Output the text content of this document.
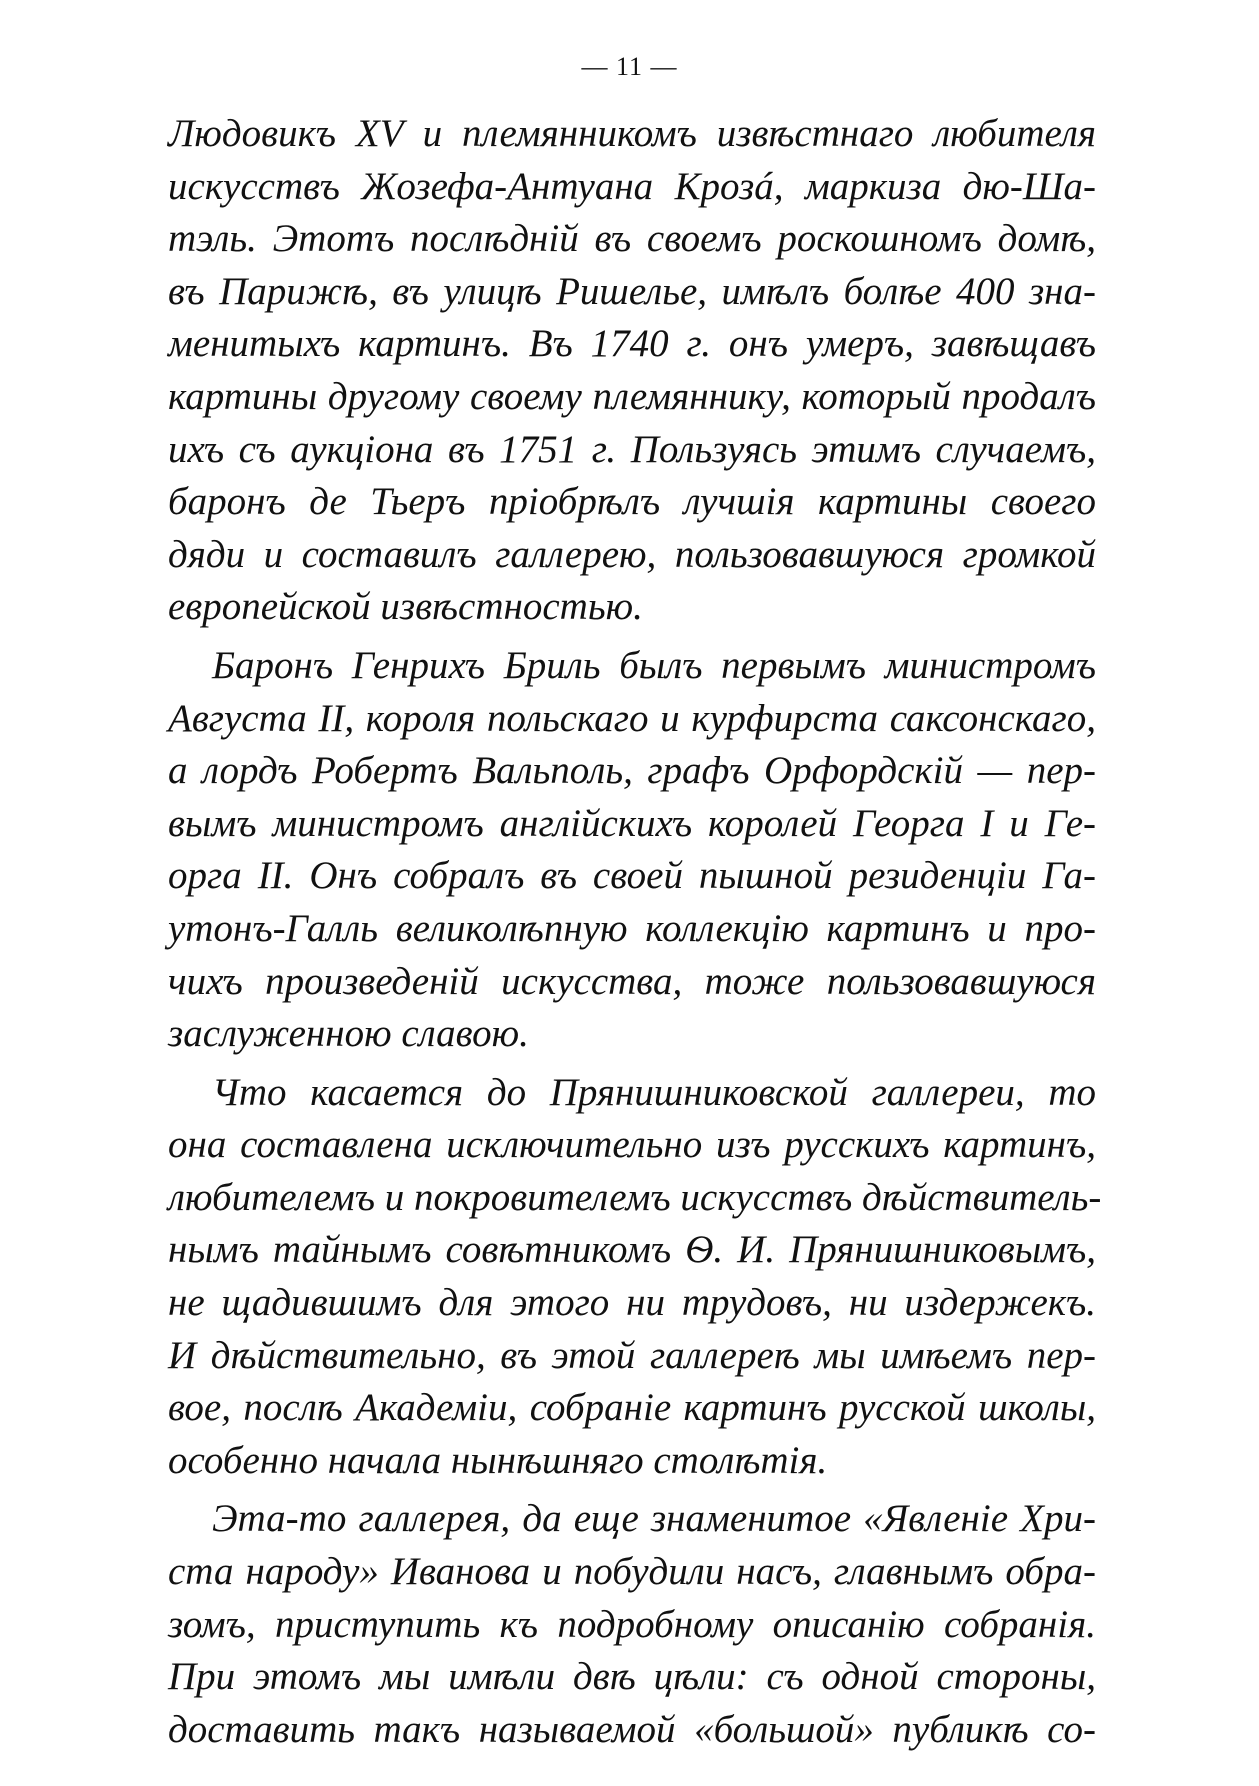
— 11 —
Людовикъ XV и племянникомъ извѣстнаго любителя
искусствъ Жозефа-Антуана Крозá, маркиза дю-Ша-
тэль. Этотъ послѣдній въ своемъ роскошномъ домѣ,
въ Парижѣ, въ улицѣ Ришелье, имѣлъ болѣе 400 зна-
менитыхъ картинъ. Въ 1740 г. онъ умеръ, завѣщавъ
картины другому своему племяннику, который продалъ
ихъ съ аукціона въ 1751 г. Пользуясь этимъ случаемъ,
баронъ де Тьеръ пріобрѣлъ лучшія картины своего
дяди и составилъ галлерею, пользовавшуюся громкой
европейской извѣстностью.
Баронъ Генрихъ Бриль былъ первымъ министромъ
Августа II, короля польскаго и курфирста саксонскаго,
а лордъ Робертъ Вальполь, графъ Орфордскій — пер-
вымъ министромъ англійскихъ королей Георга I и Ге-
орга II. Онъ собралъ въ своей пышной резиденціи Га-
утонъ-Галль великолѣпную коллекцію картинъ и про-
чихъ произведеній искусства, тоже пользовавшуюся
заслуженною славою.
Что касается до Прянишниковской галлереи, то
она составлена исключительно изъ русскихъ картинъ,
любителемъ и покровителемъ искусствъ дѣйствитель-
нымъ тайнымъ совѣтникомъ Ѳ. И. Прянишниковымъ,
не щадившимъ для этого ни трудовъ, ни издержекъ.
И дѣйствительно, въ этой галлереѣ мы имѣемъ пер-
вое, послѣ Академіи, собраніе картинъ русской школы,
особенно начала нынѣшняго столѣтія.
Эта-то галлерея, да еще знаменитое «Явленіе Хри-
ста народу» Иванова и побудили насъ, главнымъ обра-
зомъ, приступить къ подробному описанію собранія.
При этомъ мы имѣли двѣ цѣли: съ одной стороны,
доставить такъ называемой «большой» публикѣ со-
